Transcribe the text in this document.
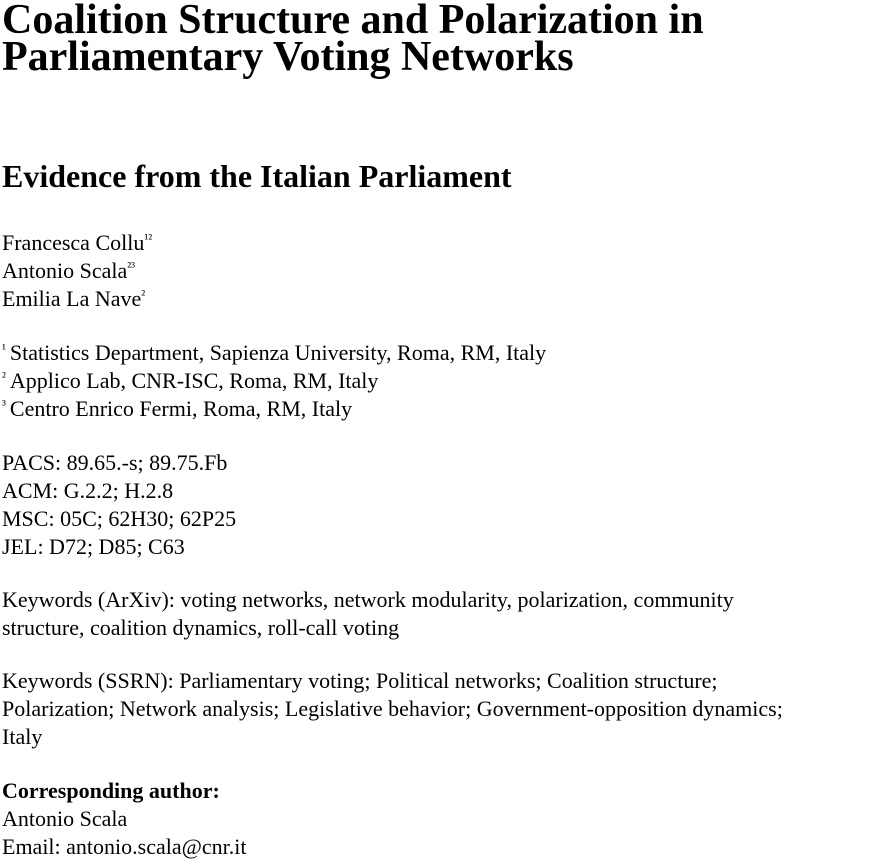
Coalition Structure and Polarization in
Parliamentary Voting Networks
Evidence from the Italian Parliament
Francesca Collu$^{^{12}}$
Antonio Scala$^{^{23}}$
Emilia La Nave$^{^2}$
$^{^1}$ Statistics Department, Sapienza University, Roma, RM, Italy
$^{^2}$ Applico Lab, CNR-ISC, Roma, RM, Italy
$^{^3}$ Centro Enrico Fermi, Roma, RM, Italy
PACS: 89.65.-s; 89.75.Fb
ACM: G.2.2; H.2.8
MSC: 05C; 62H30; 62P25
JEL: D72; D85; C63
Keywords (ArXiv): voting networks, network modularity, polarization, community
structure, coalition dynamics, roll-call voting
Keywords (SSRN): Parliamentary voting; Political networks; Coalition structure;
Polarization; Network analysis; Legislative behavior; Government-opposition dynamics;
Italy
Corresponding author:
Antonio Scala
Email: antonio.scala@cnr.it
